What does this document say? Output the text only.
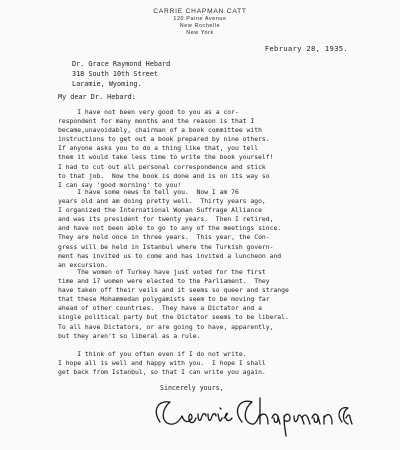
CARRIE CHAPMAN CATT
120 Paine Avenue
New Rochelle
New York
February 28, 1935.
Dr. Grace Raymond Hebard
318 South 10th Street
Laramie, Wyoming.
My dear Dr. Hebard:
I have not been very good to you as a cor-
respondent for many months and the reason is that I
became,unavoidably, chairman of a book committee with
instructions to get out a book prepared by nine others.
If anyone asks you to do a thing like that, you tell
them it would take less time to write the book yourself!
I had to cut out all personal correspondence and stick
to that job.  Now the book is done and is on its way so
I can say 'good morning' to you!
I have some news to tell you.  Now I am 76
years old and am doing pretty well.  Thirty years ago,
I organized the International Woman Suffrage Alliance
and was its president for twenty years.  Then I retired,
and have not been able to go to any of the meetings since.
They are held once in three years.  This year, the Con-
gress will be held in Istanbul where the Turkish govern-
ment has invited us to come and has invited a luncheon and
an excursion.
The women of Turkey have just voted for the first
time and 17 women were elected to the Parliament.  They
have taken off their veils and it seems so queer and strange
that these Mohammedan polygamists seem to be moving far
ahead of other countries.  They have a Dictator and a
single political party but the Dictator seems to be liberal.
To all have Dictators, or are going to have, apparently,
but they aren't so liberal as a rule.
I think of you often even if I do not write.
I hope all is well and happy with you.  I hope I shall
get back from Istanbul, so that I can write you again.
Sincerely yours,
